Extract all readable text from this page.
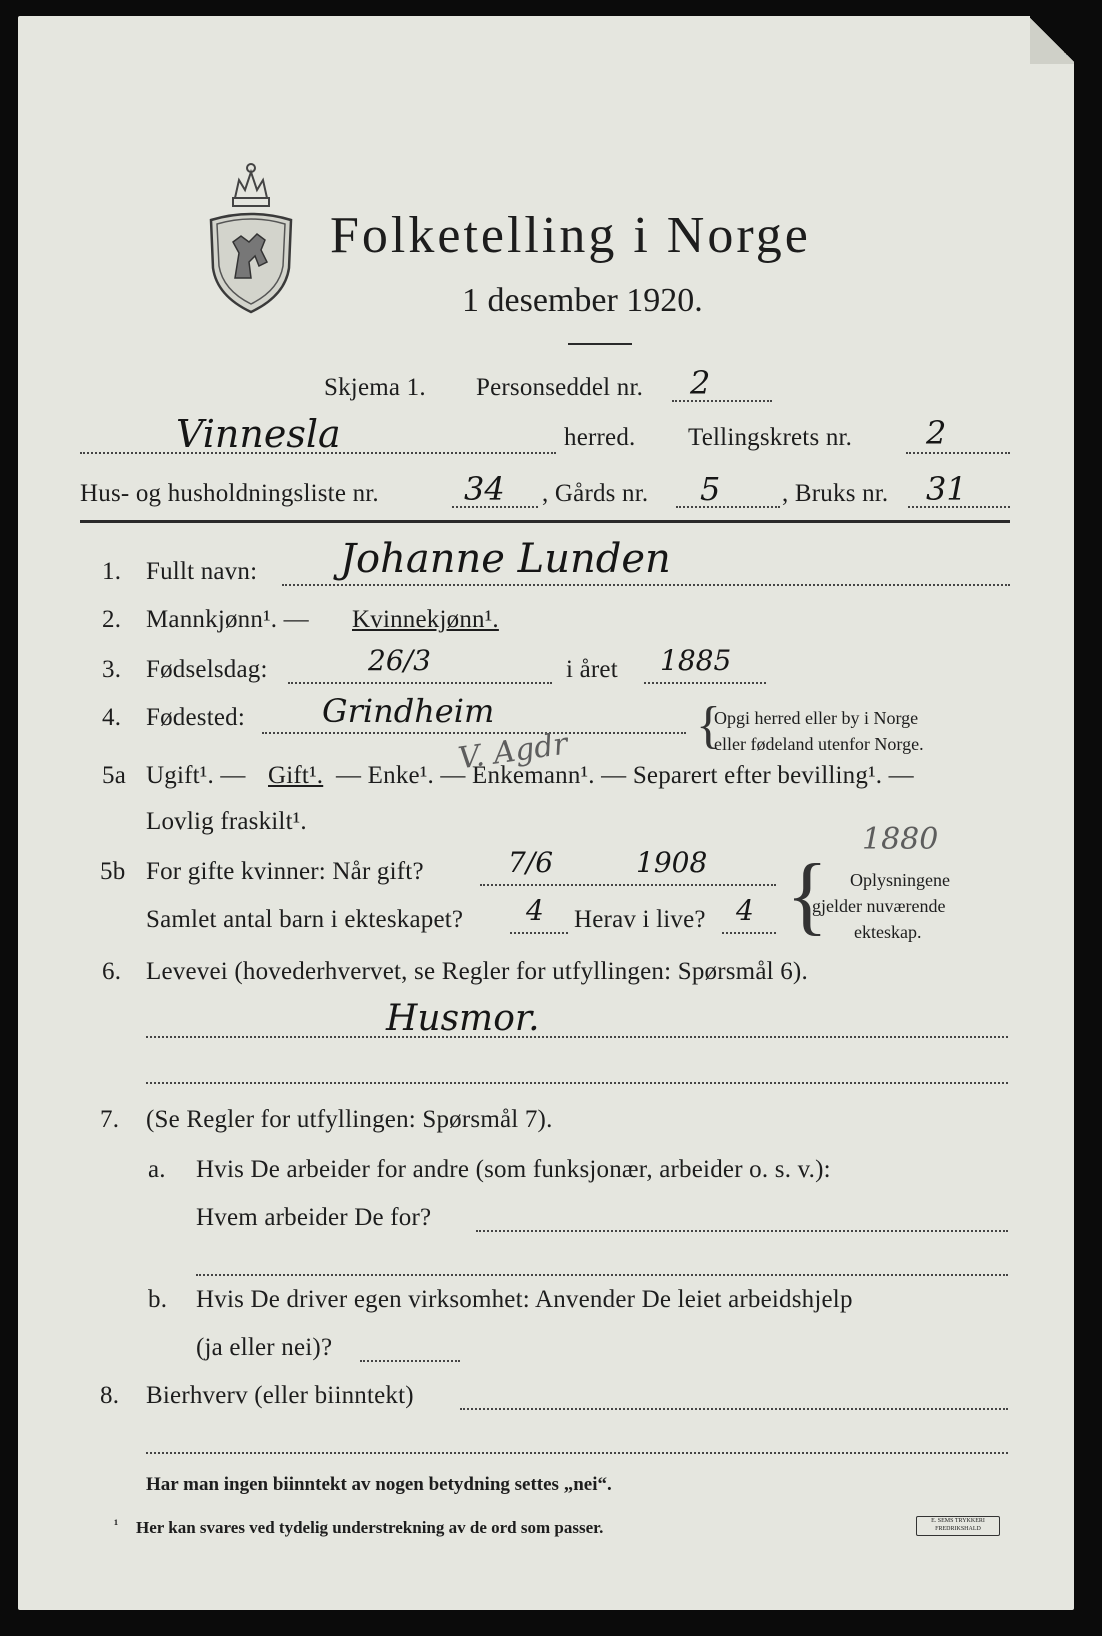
Folketelling i Norge
1 desember 1920.
Skjema 1. Personseddel nr. 2
Vinnesla	herred. Tellingskrets nr. 2
Hus- og husholdningsliste nr.	34 , Gårds nr. 5 , Bruks nr. 31
1. Fullt navn: Johanne Lunden
2. Mannkjønn¹. — Kvinnekjønn¹.
3. Fødselsdag:	26/3	i året 1885
4. Fødested: Grindheim
V. Agdr {
Opgi herred eller by i Norge
eller fødeland utenfor Norge.
5a Ugift¹. — Gift¹. — Enke¹. — Enkemann¹. — Separert efter bevilling¹. —
Lovlig fraskilt¹.
1880
5b For gifte kvinner: Når gift?	7/6	1908
Samlet antal barn i ekteskapet? 4 Herav i live? 4 { Oplysningene
gjelder nuværende
ekteskap.
6. Levevei (hovederhvervet, se Regler for utfyllingen: Spørsmål 6).
Husmor.
7. (Se Regler for utfyllingen: Spørsmål 7).
a. Hvis De arbeider for andre (som funksjonær, arbeider o. s. v.):
Hvem arbeider De for?
b. Hvis De driver egen virksomhet: Anvender De leiet arbeidshjelp
(ja eller nei)?
8. Bierhverv (eller biinntekt)
Har man ingen biinntekt av nogen betydning settes „nei“.
¹ Her kan svares ved tydelig understrekning av de ord som passer.	E. SEMS TRYKKERI FREDRIKSHALD
